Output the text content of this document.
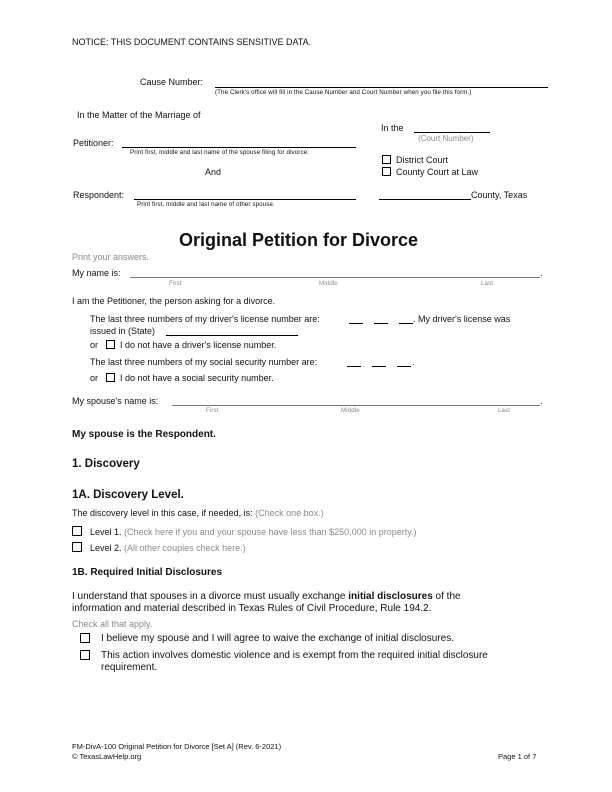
NOTICE: THIS DOCUMENT CONTAINS SENSITIVE DATA.
Cause Number:
(The Clerk's office will fill in the Cause Number and Court Number when you file this form.)
In the Matter of the Marriage of
Petitioner:
Print first, middle and last name of the spouse filing for divorce.
And
Respondent:
Print first, middle and last name of other spouse.
In the
(Court Number)
District Court
County Court at Law
County, Texas
Original Petition for Divorce
Print your answers.
My name is:	.
First	Middle	Last
I am the Petitioner, the person asking for a divorce.
The last three numbers of my driver's license number are:	. My driver's license was
issued in (State)
or I do not have a driver's license number.
The last three numbers of my social security number are:	.
or I do not have a social security number.
My spouse's name is:	.
First	Middle	Last
My spouse is the Respondent.
1. Discovery
1A. Discovery Level.
The discovery level in this case, if needed, is: (Check one box.)
Level 1. (Check here if you and your spouse have less than $250,000 in property.)
Level 2. (All other couples check here.)
1B. Required Initial Disclosures
I understand that spouses in a divorce must usually exchange initial disclosures of the
information and material described in Texas Rules of Civil Procedure, Rule 194.2.
Check all that apply.
I believe my spouse and I will agree to waive the exchange of initial disclosures.
This action involves domestic violence and is exempt from the required initial disclosure
requirement.
FM-DivA-100 Original Petition for Divorce [Set A] (Rev. 6-2021)
© TexasLawHelp.org	Page 1 of 7
